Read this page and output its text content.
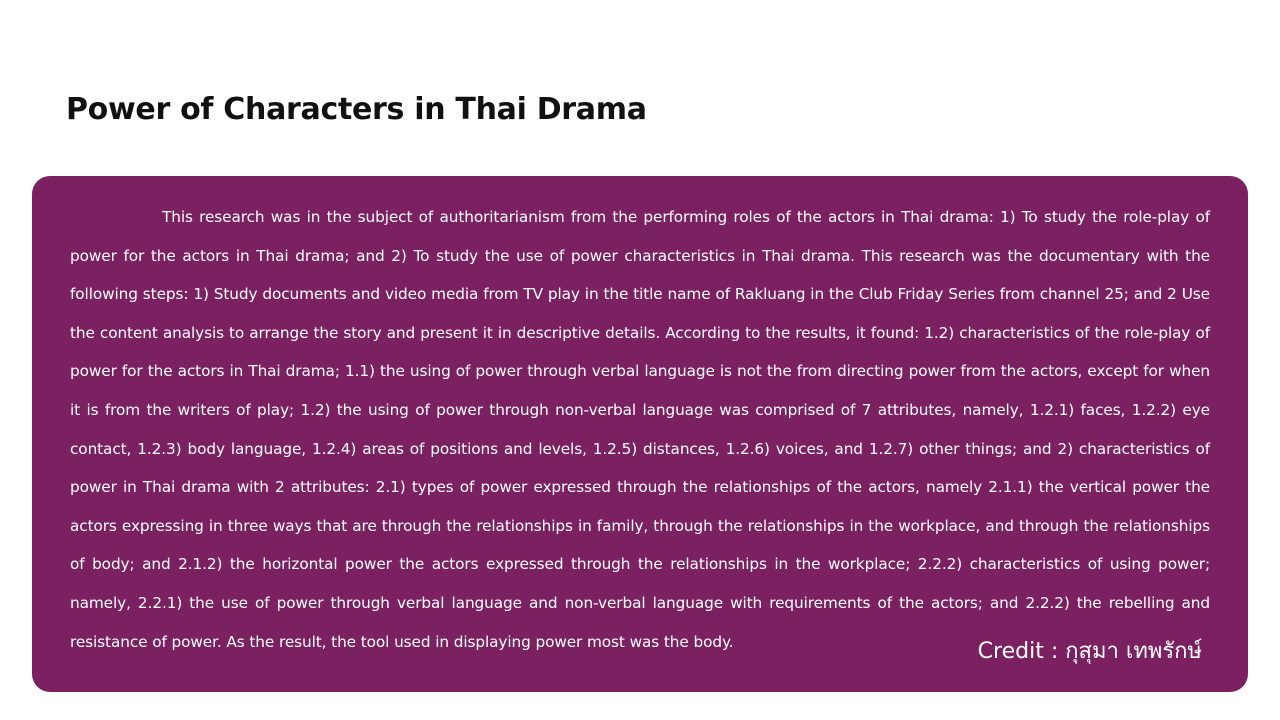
Power of Characters in Thai Drama

This research was in the subject of authoritarianism from the performing roles of the actors in Thai drama: 1) To study the role-play of power for the actors in Thai drama; and 2) To study the use of power characteristics in Thai drama. This research was the documentary with the following steps: 1) Study documents and video media from TV play in the title name of Rakluang in the Club Friday Series from channel 25; and 2 Use the content analysis to arrange the story and present it in descriptive details. According to the results, it found: 1.2) characteristics of the role-play of power for the actors in Thai drama; 1.1) the using of power through verbal language is not the from directing power from the actors, except for when it is from the writers of play; 1.2) the using of power through non-verbal language was comprised of 7 attributes, namely, 1.2.1) faces, 1.2.2) eye contact, 1.2.3) body language, 1.2.4) areas of positions and levels, 1.2.5) distances, 1.2.6) voices, and 1.2.7) other things; and 2) characteristics of power in Thai drama with 2 attributes: 2.1) types of power expressed through the relationships of the actors, namely 2.1.1) the vertical power the actors expressing in three ways that are through the relationships in family, through the relationships in the workplace, and through the relationships of body; and 2.1.2) the horizontal power the actors expressed through the relationships in the workplace; 2.2.2) characteristics of using power; namely, 2.2.1) the use of power through verbal language and non-verbal language with requirements of the actors; and 2.2.2) the rebelling and resistance of power. As the result, the tool used in displaying power most was the body.	Credit : กุสุมา เทพรักษ์
